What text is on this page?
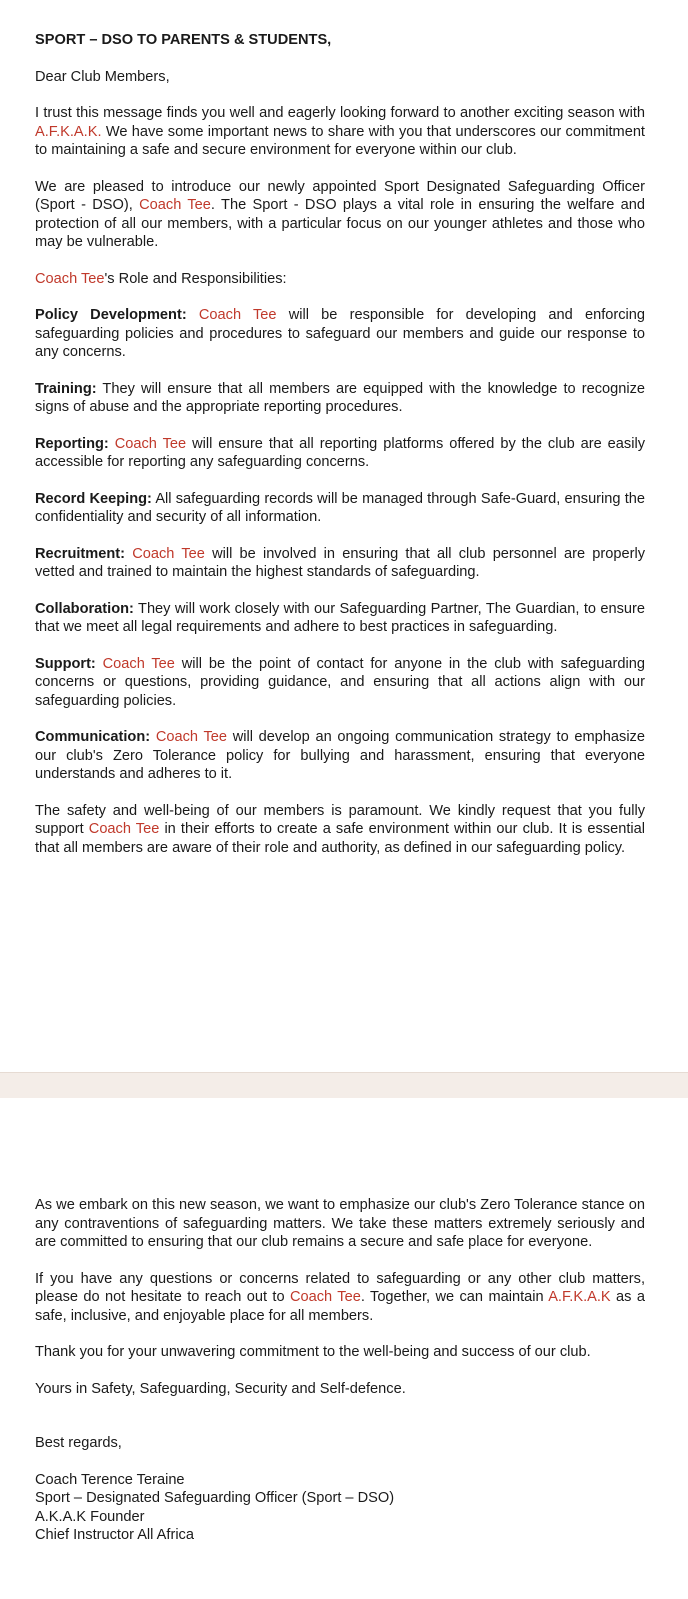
SPORT – DSO TO PARENTS & STUDENTS,

Dear Club Members,

I trust this message finds you well and eagerly looking forward to another exciting season with A.F.K.A.K. We have some important news to share with you that underscores our commitment to maintaining a safe and secure environment for everyone within our club.

We are pleased to introduce our newly appointed Sport Designated Safeguarding Officer (Sport - DSO), Coach Tee. The Sport - DSO plays a vital role in ensuring the welfare and protection of all our members, with a particular focus on our younger athletes and those who may be vulnerable.

Coach Tee's Role and Responsibilities:

Policy Development: Coach Tee will be responsible for developing and enforcing safeguarding policies and procedures to safeguard our members and guide our response to any concerns.

Training: They will ensure that all members are equipped with the knowledge to recognize signs of abuse and the appropriate reporting procedures.

Reporting: Coach Tee will ensure that all reporting platforms offered by the club are easily accessible for reporting any safeguarding concerns.

Record Keeping: All safeguarding records will be managed through Safe-Guard, ensuring the confidentiality and security of all information.

Recruitment: Coach Tee will be involved in ensuring that all club personnel are properly vetted and trained to maintain the highest standards of safeguarding.

Collaboration: They will work closely with our Safeguarding Partner, The Guardian, to ensure that we meet all legal requirements and adhere to best practices in safeguarding.

Support: Coach Tee will be the point of contact for anyone in the club with safeguarding concerns or questions, providing guidance, and ensuring that all actions align with our safeguarding policies.

Communication: Coach Tee will develop an ongoing communication strategy to emphasize our club's Zero Tolerance policy for bullying and harassment, ensuring that everyone understands and adheres to it.

The safety and well-being of our members is paramount. We kindly request that you fully support Coach Tee in their efforts to create a safe environment within our club. It is essential that all members are aware of their role and authority, as defined in our safeguarding policy.

As we embark on this new season, we want to emphasize our club's Zero Tolerance stance on any contraventions of safeguarding matters. We take these matters extremely seriously and are committed to ensuring that our club remains a secure and safe place for everyone.

If you have any questions or concerns related to safeguarding or any other club matters, please do not hesitate to reach out to Coach Tee. Together, we can maintain A.F.K.A.K as a safe, inclusive, and enjoyable place for all members.

Thank you for your unwavering commitment to the well-being and success of our club.

Yours in Safety, Safeguarding, Security and Self-defence.

Best regards,

Coach Terence Teraine

Sport – Designated Safeguarding Officer (Sport – DSO)

A.K.A.K Founder

Chief Instructor All Africa
